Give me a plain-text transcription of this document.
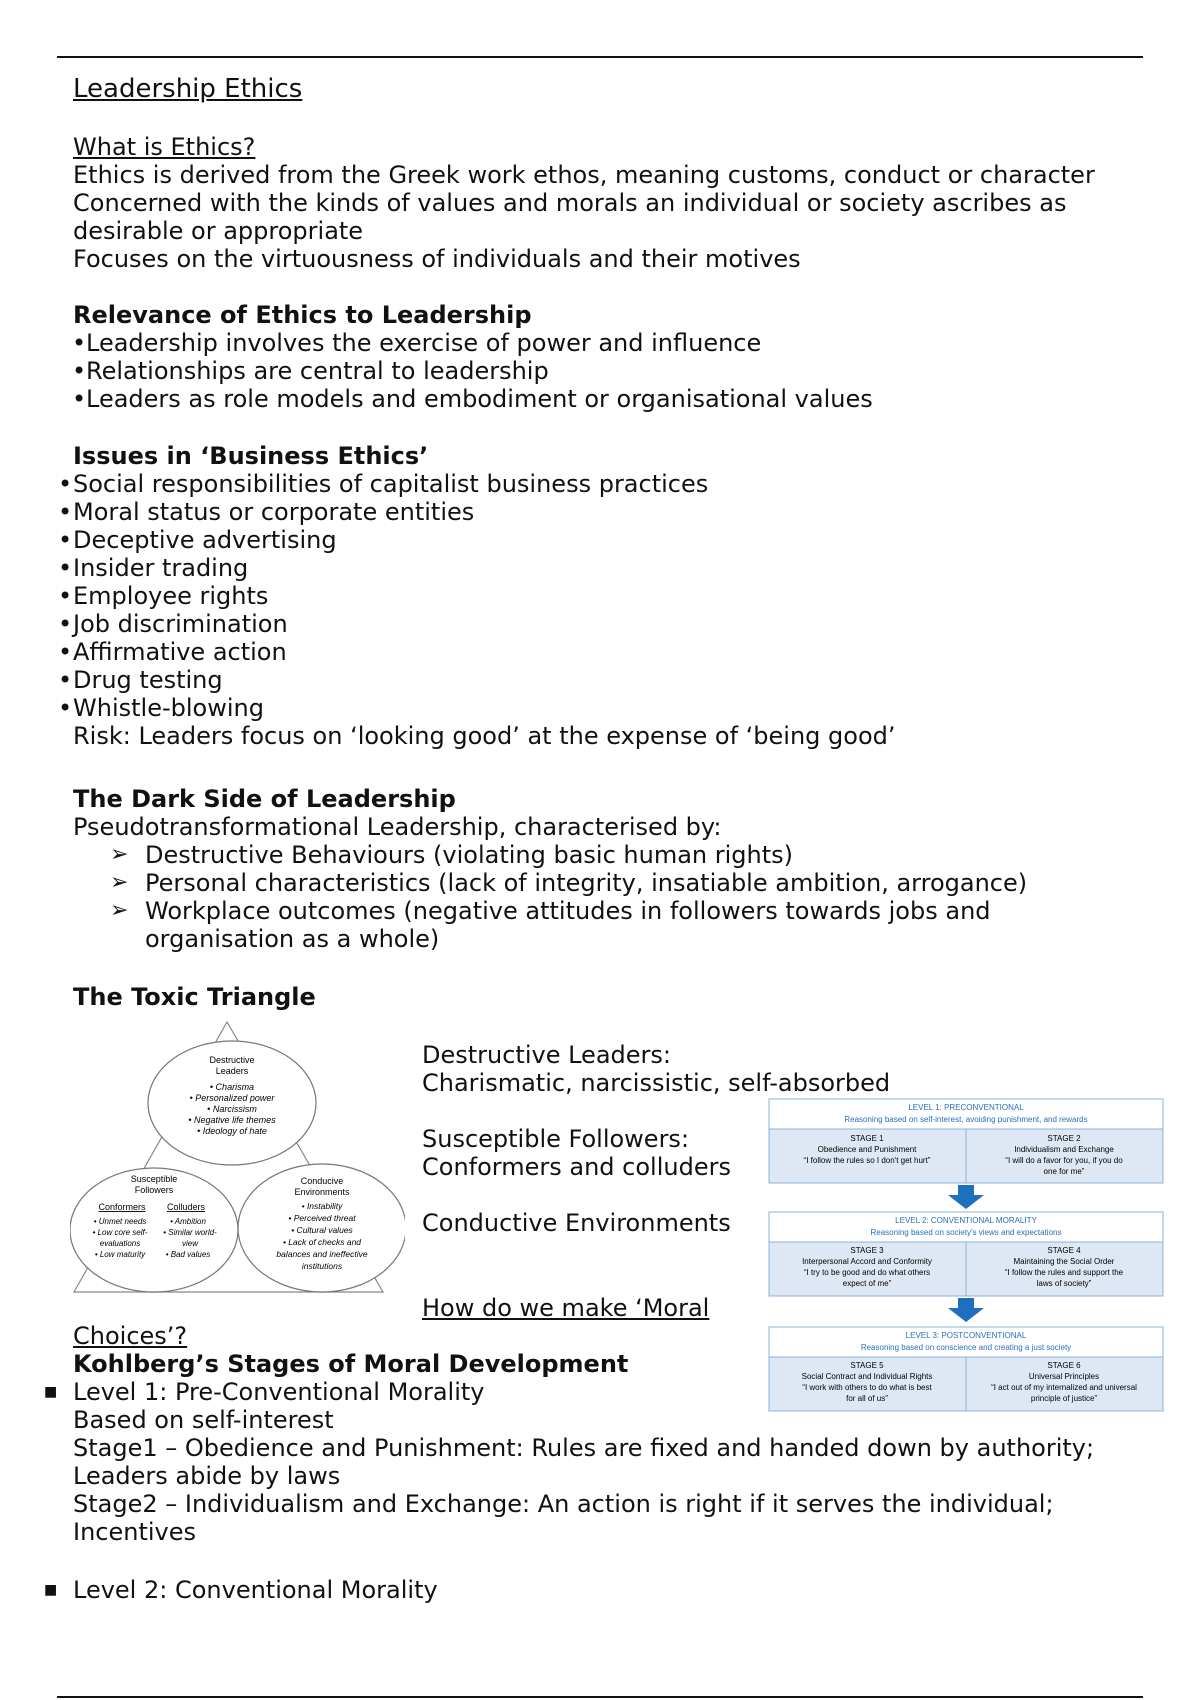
Leadership Ethics
What is Ethics?
Ethics is derived from the Greek work ethos, meaning customs, conduct or character
Concerned with the kinds of values and morals an individual or society ascribes as
desirable or appropriate
Focuses on the virtuousness of individuals and their motives
Relevance of Ethics to Leadership
• Leadership involves the exercise of power and influence
• Relationships are central to leadership
• Leaders as role models and embodiment or organisational values
Issues in ‘Business Ethics’
• Social responsibilities of capitalist business practices
• Moral status or corporate entities
• Deceptive advertising
• Insider trading
• Employee rights
• Job discrimination
• Affirmative action
• Drug testing
• Whistle-blowing
Risk: Leaders focus on ‘looking good’ at the expense of ‘being good’
The Dark Side of Leadership
Pseudotransformational Leadership, characterised by:
➢ Destructive Behaviours (violating basic human rights)
➢ Personal characteristics (lack of integrity, insatiable ambition, arrogance)
➢ Workplace outcomes (negative attitudes in followers towards jobs and
organisation as a whole)
The Toxic Triangle
Destructive
Leaders
• Charisma
• Personalized power
• Narcissism
• Negative life themes
• Ideology of hate
Susceptible
Followers
Conformers Colluders
• Unmet needs
• Low core self-
evaluations
• Low maturity
• Ambition
• Similar world-
view
• Bad values
Conducive
Environments
• Instability
• Perceived threat
• Cultural values
• Lack of checks and
balances and ineffective
institutions
Destructive Leaders:
Charismatic, narcissistic, self-absorbed
Susceptible Followers:
Conformers and colluders
Conductive Environments
How do we make ‘Moral
Choices’?
LEVEL 1: PRECONVENTIONAL
Reasoning based on self-interest, avoiding punishment, and rewards
STAGE 1
Obedience and Punishment
“I follow the rules so I don't get hurt”
STAGE 2
Individualism and Exchange
“I will do a favor for you, if you do
one for me”
LEVEL 2: CONVENTIONAL MORALITY
Reasoning based on society's views and expectations
STAGE 3
Interpersonal Accord and Conformity
“I try to be good and do what others
expect of me”
STAGE 4
Maintaining the Social Order
“I follow the rules and support the
laws of society”
LEVEL 3: POSTCONVENTIONAL
Reasoning based on conscience and creating a just society
STAGE 5
Social Contract and Individual Rights
“I work with others to do what is best
for all of us”
STAGE 6
Universal Principles
“I act out of my internalized and universal
principle of justice”
Kohlberg’s Stages of Moral Development
■ Level 1: Pre-Conventional Morality
Based on self-interest
Stage1 – Obedience and Punishment: Rules are fixed and handed down by authority;
Leaders abide by laws
Stage2 – Individualism and Exchange: An action is right if it serves the individual;
Incentives
■ Level 2: Conventional Morality
